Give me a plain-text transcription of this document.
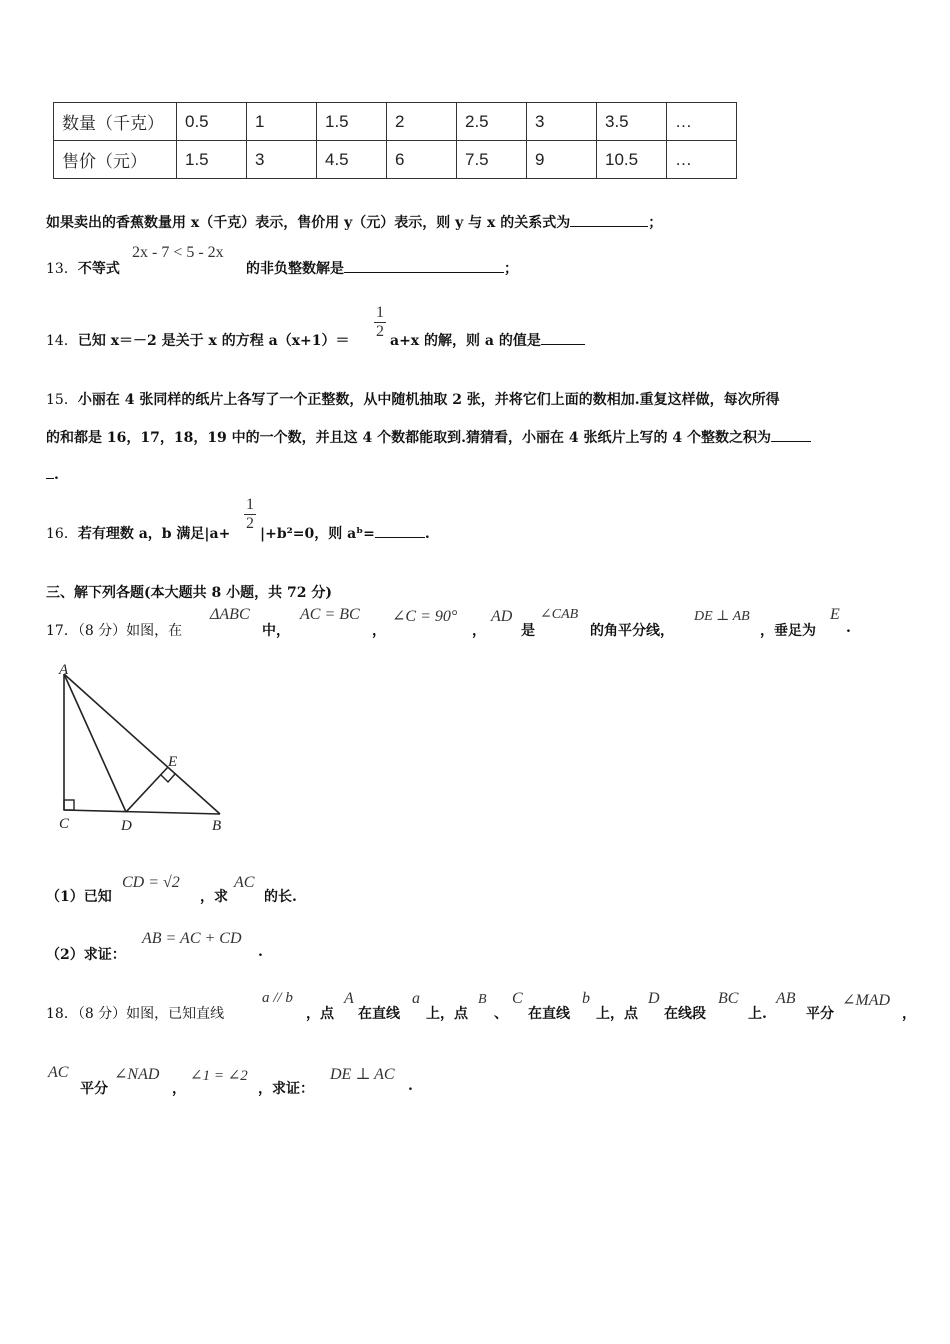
数量（千克）	0.5	1	1.5	2	2.5	3	3.5	…
售价（元）	1.5	3	4.5	6	7.5	9	10.5	…
如果卖出的香蕉数量用 x（千克）表示，售价用 y（元）表示，则 y 与 x 的关系式为	；
13．不等式
2x - 7 < 5 - 2x
的非负整数解是	；
14．已知 x＝－2 是关于 x 的方程 $a(x+1)= \frac{1}{2} a+x$ 的解，则 a 的值是
15．小丽在 4 张同样的纸片上各写了一个正整数，从中随机抽取 2 张，并将它们上面的数相加.重复这样做，每次所得
的和都是 16，17，18，19 中的一个数，并且这 4 个数都能取到.猜猜看，小丽在 4 张纸片上写的 4 个整数之积为
.
16．若有理数 a，b 满足|a+
$\frac{1}{2}$
|+b²=0，则 aᵇ=	.
三、解下列各题(本大题共 8 小题，共 72 分)
17．（8 分）如图，在
ΔABC
中，
AC = BC
，
∠C = 90°
，
AD
是
∠CAB
的角平分线，
DE ⊥ AB
，垂足为
E
.
A
C	D
E
B
（1）已知
CD = √2
，求
AC
的长.
（2）求证：
AB = AC + CD
.
18．（8 分）如图，已知直线
a // b
，点
A
在直线
a
上，点
B
、
C
在直线
b
上，点
D
在线段
BC
上.
AB
平分
∠MAD
，
AC
平分
∠NAD
，
∠1 = ∠2
，求证：
DE ⊥ AC
.
